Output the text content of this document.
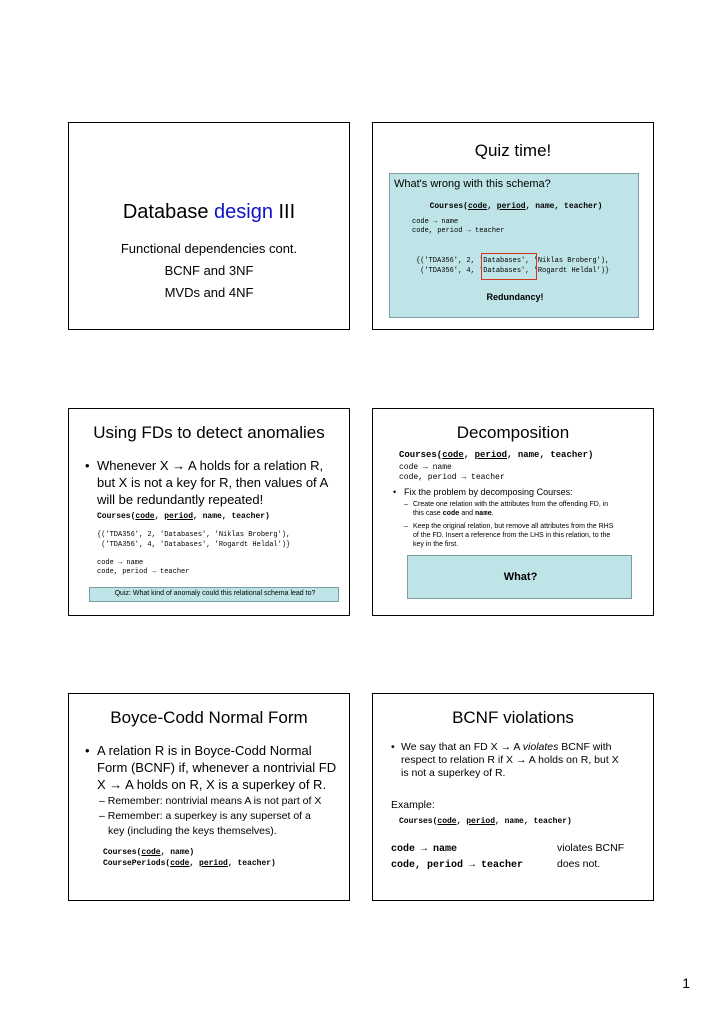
Database design III
Functional dependencies cont.
BCNF and 3NF
MVDs and 4NF
Quiz time!
What's wrong with this schema?
Courses(code, period, name, teacher)
code → name
code, period → teacher
{('TDA356', 2, 'Databases', 'Niklas Broberg'),
('TDA356', 4, 'Databases', 'Rogardt Heldal')}
Redundancy!
Using FDs to detect anomalies
• Whenever X → A holds for a relation R,
but X is not a key for R, then values of A
will be redundantly repeated!
Courses(code, period, name, teacher)
{('TDA356', 2, 'Databases', 'Niklas Broberg'),
('TDA356', 4, 'Databases', 'Rogardt Heldal')}
code → name
code, period → teacher
Quiz: What kind of anomaly could this relational schema lead to?
Decomposition
Courses(code, period, name, teacher)
code → name
code, period → teacher
• Fix the problem by decomposing Courses:
– Create one relation with the attributes from the offending FD, in
this case code and name.
– Keep the original relation, but remove all attributes from the RHS
of the FD. Insert a reference from the LHS in this relation, to the
key in the first.
What?
Boyce-Codd Normal Form
• A relation R is in Boyce-Codd Normal
Form (BCNF) if, whenever a nontrivial FD
X → A holds on R, X is a superkey of R.
– Remember: nontrivial means A is not part of X
– Remember: a superkey is any superset of a
key (including the keys themselves).
Courses(code, name)
CoursePeriods(code, period, teacher)
BCNF violations
• We say that an FD X → A violates BCNF with
respect to relation R if X → A holds on R, but X
is not a superkey of R.
Example:
Courses(code, period, name, teacher)
code → name	violates BCNF
code, period → teacher	does not.
1
